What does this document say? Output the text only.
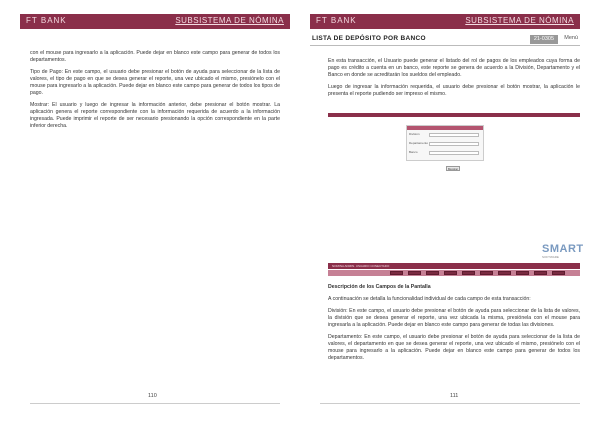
FT BANK	SUBSISTEMA DE NÓMINA

con el mouse para ingresarlo a la aplicación. Puede dejar en blanco este campo para generar de todos los departamentos.

Tipo de Pago: En este campo, el usuario debe presionar el botón de ayuda para seleccionar de la lista de valores, el tipo de pago en que se desea generar el reporte, una vez ubicado el mismo, presiónelo con el mouse para ingresarlo a la aplicación. Puede dejar en blanco este campo para generar de todos los tipos de pago.

Mostrar: El usuario y luego de ingresar la información anterior, debe presionar el botón mostrar. La aplicación genera el reporte correspondiente con la información requerida de acuerdo a la información ingresada. Puede imprimir el reporte de ser necesario presionando la opción correspondiente en la parte inferior derecha.

110
FT BANK	SUBSISTEMA DE NÓMINA
LISTA DE DEPÓSITO POR BANCO	21-0305	Menú

En esta transacción, el Usuario puede generar el listado del rol de pagos de los empleados cuya forma de pago es crédito a cuenta en un banco, este reporte se genera de acuerdo a la División, Departamento y el Banco en donde se acreditarán los sueldos del empleado.

Luego de ingresar la información requerida, el usuario debe presionar el botón mostrar, la aplicación le presenta el reporte pudiendo ser impreso el mismo.

División
Departamento
Banco
Mostrar
SMART
SOFTWARE
NOMINA ADMIN. USUARIO CONECTADO

Descripción de los Campos de la Pantalla

A continuación se detalla la funcionalidad individual de cada campo de esta transacción:

División: En este campo, el usuario debe presionar el botón de ayuda para seleccionar de la lista de valores, la división que se desea generar el reporte, una vez ubicada la misma, presiónela con el mouse para ingresarla a la aplicación. Puede dejar en blanco este campo para generar de todas las divisiones.

Departamento: En este campo, el usuario debe presionar el botón de ayuda para seleccionar de la lista de valores, el departamento en que se desea generar el reporte, una vez ubicado el mismo, presiónelo con el mouse para ingresarlo a la aplicación. Puede dejar en blanco este campo para generar de todos los departamentos.

111
